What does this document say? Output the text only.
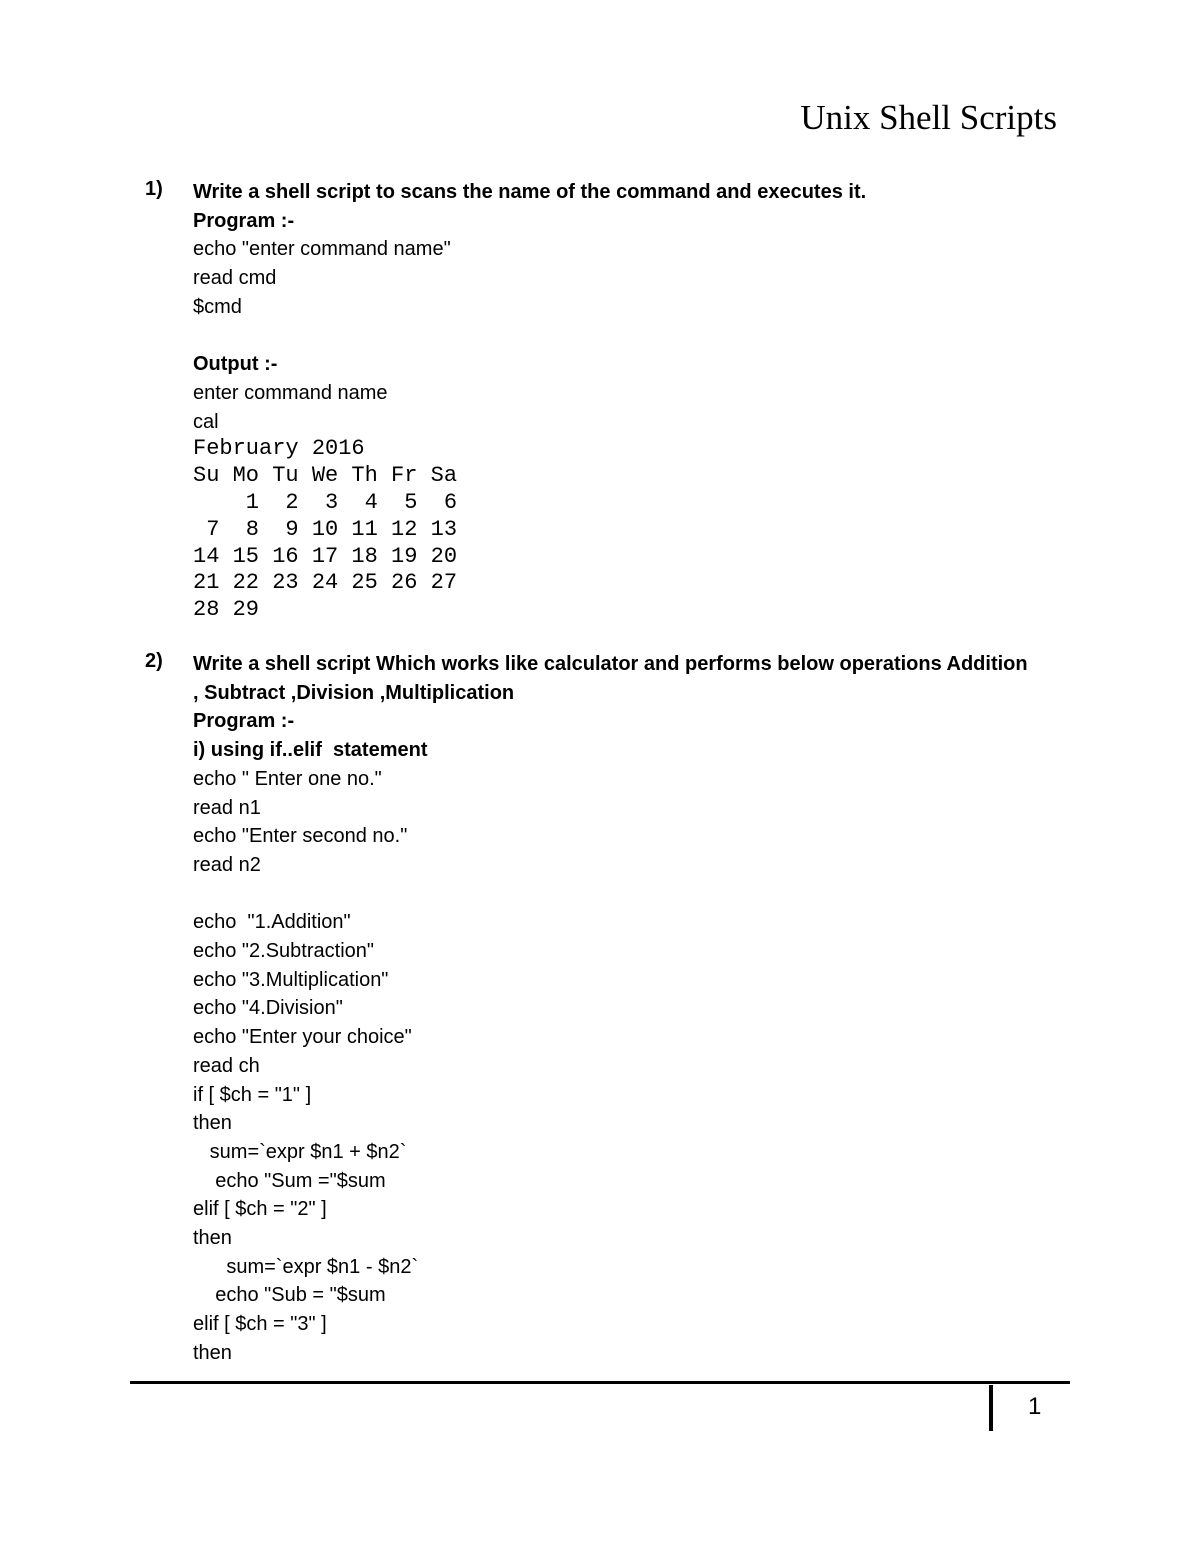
Unix Shell Scripts
1) Write a shell script to scans the name of the command and executes it.
Program :-
echo "enter command name"
read cmd
$cmd
Output :-
enter command name
cal
February 2016
Su Mo Tu We Th Fr Sa
1  2  3  4  5  6
7  8  9 10 11 12 13
14 15 16 17 18 19 20
21 22 23 24 25 26 27
28 29
2) Write a shell script Which works like calculator and performs below operations Addition
, Subtract ,Division ,Multiplication
Program :-
i) using if..elif  statement
echo " Enter one no."
read n1
echo "Enter second no."
read n2
echo  "1.Addition"
echo "2.Subtraction"
echo "3.Multiplication"
echo "4.Division"
echo "Enter your choice"
read ch
if [ $ch = "1" ]
then
sum=`expr $n1 + $n2`
echo "Sum ="$sum
elif [ $ch = "2" ]
then
sum=`expr $n1 - $n2`
echo "Sub = "$sum
elif [ $ch = "3" ]
then
1
